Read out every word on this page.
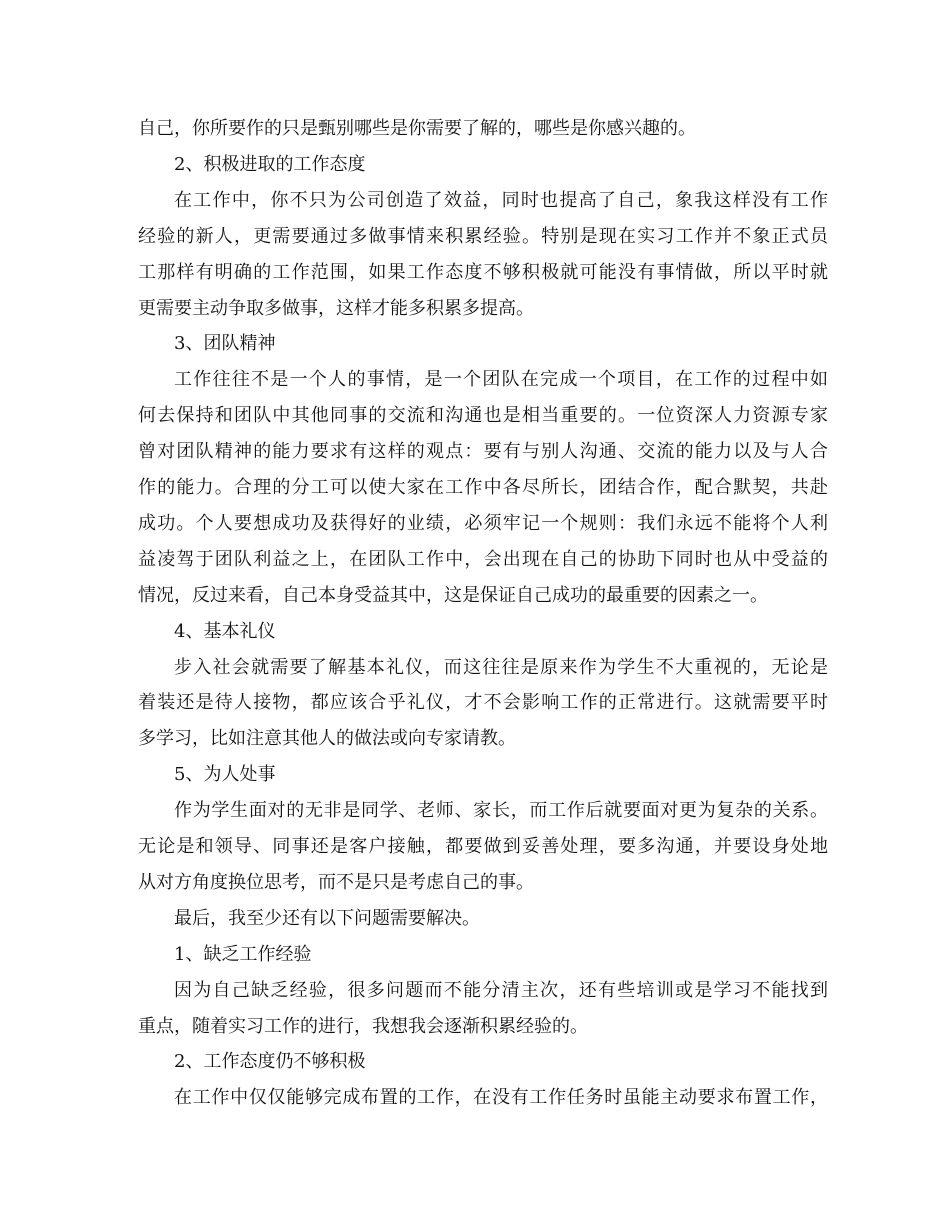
自己，你所要作的只是甄别哪些是你需要了解的，哪些是你感兴趣的。
2、积极进取的工作态度
在工作中，你不只为公司创造了效益，同时也提高了自己，象我这样没有工作
经验的新人，更需要通过多做事情来积累经验。特别是现在实习工作并不象正式员
工那样有明确的工作范围，如果工作态度不够积极就可能没有事情做，所以平时就
更需要主动争取多做事，这样才能多积累多提高。
3、团队精神
工作往往不是一个人的事情，是一个团队在完成一个项目，在工作的过程中如
何去保持和团队中其他同事的交流和沟通也是相当重要的。一位资深人力资源专家
曾对团队精神的能力要求有这样的观点：要有与别人沟通、交流的能力以及与人合
作的能力。合理的分工可以使大家在工作中各尽所长，团结合作，配合默契，共赴
成功。个人要想成功及获得好的业绩，必须牢记一个规则：我们永远不能将个人利
益凌驾于团队利益之上，在团队工作中，会出现在自己的协助下同时也从中受益的
情况，反过来看，自己本身受益其中，这是保证自己成功的最重要的因素之一。
4、基本礼仪
步入社会就需要了解基本礼仪，而这往往是原来作为学生不大重视的，无论是
着装还是待人接物，都应该合乎礼仪，才不会影响工作的正常进行。这就需要平时
多学习，比如注意其他人的做法或向专家请教。
5、为人处事
作为学生面对的无非是同学、老师、家长，而工作后就要面对更为复杂的关系。
无论是和领导、同事还是客户接触，都要做到妥善处理，要多沟通，并要设身处地
从对方角度换位思考，而不是只是考虑自己的事。
最后，我至少还有以下问题需要解决。
1、缺乏工作经验
因为自己缺乏经验，很多问题而不能分清主次，还有些培训或是学习不能找到
重点，随着实习工作的进行，我想我会逐渐积累经验的。
2、工作态度仍不够积极
在工作中仅仅能够完成布置的工作，在没有工作任务时虽能主动要求布置工作，
